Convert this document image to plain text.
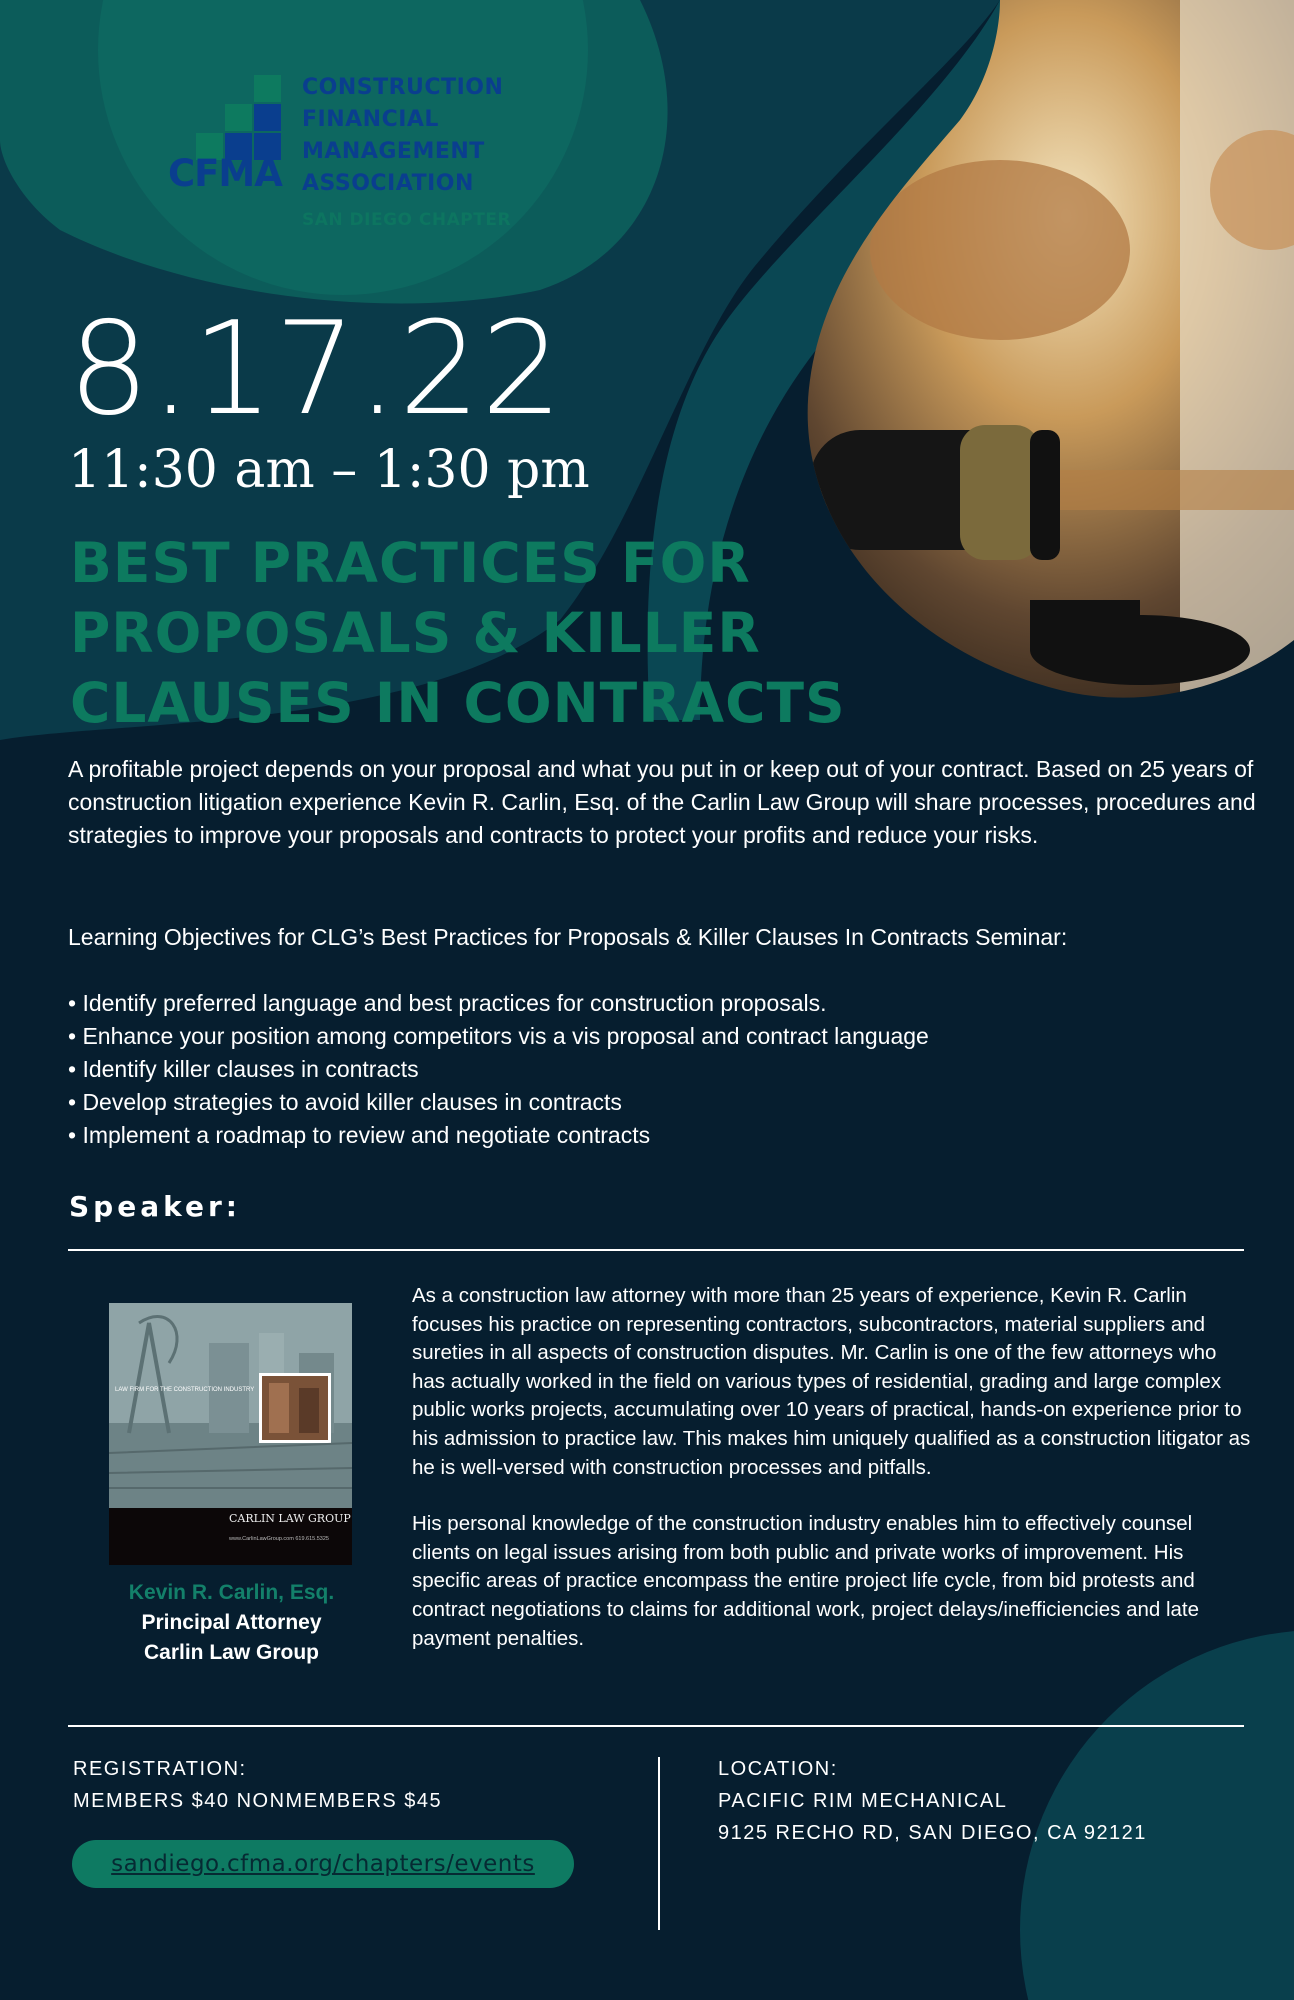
CFMA
CONSTRUCTION
FINANCIAL
MANAGEMENT
ASSOCIATION
SAN DIEGO CHAPTER
8.17.22
11:30 am – 1:30 pm
BEST PRACTICES FOR
PROPOSALS & KILLER
CLAUSES IN CONTRACTS
A profitable project depends on your proposal and what you put in or keep out of your contract. Based on 25 years of construction litigation experience Kevin R. Carlin, Esq. of the Carlin Law Group will share processes, procedures and strategies to improve your proposals and contracts to protect your profits and reduce your risks.
Learning Objectives for CLG’s Best Practices for Proposals & Killer Clauses In Contracts Seminar:
• Identify preferred language and best practices for construction proposals.
• Enhance your position among competitors vis a vis proposal and contract language
• Identify killer clauses in contracts
• Develop strategies to avoid killer clauses in contracts
• Implement a roadmap to review and negotiate contracts
Speaker:
LAW FIRM FOR THE CONSTRUCTION INDUSTRY
CARLIN LAW GROUP
www.CarlinLawGroup.com 619.615.5325
Kevin R. Carlin, Esq.
Principal Attorney
Carlin Law Group

As a construction law attorney with more than 25 years of experience, Kevin R. Carlin focuses his practice on representing contractors, subcontractors, material suppliers and sureties in all aspects of construction disputes. Mr. Carlin is one of the few attorneys who has actually worked in the field on various types of residential, grading and large complex public works projects, accumulating over 10 years of practical, hands-on experience prior to his admission to practice law. This makes him uniquely qualified as a construction litigator as he is well-versed with construction processes and pitfalls.

His personal knowledge of the construction industry enables him to effectively counsel clients on legal issues arising from both public and private works of improvement. His specific areas of practice encompass the entire project life cycle, from bid protests and contract negotiations to claims for additional work, project delays/inefficiencies and late payment penalties.

REGISTRATION:
MEMBERS $40 NONMEMBERS $45
sandiego.cfma.org/chapters/events
LOCATION:
PACIFIC RIM MECHANICAL
9125 RECHO RD, SAN DIEGO, CA 92121
